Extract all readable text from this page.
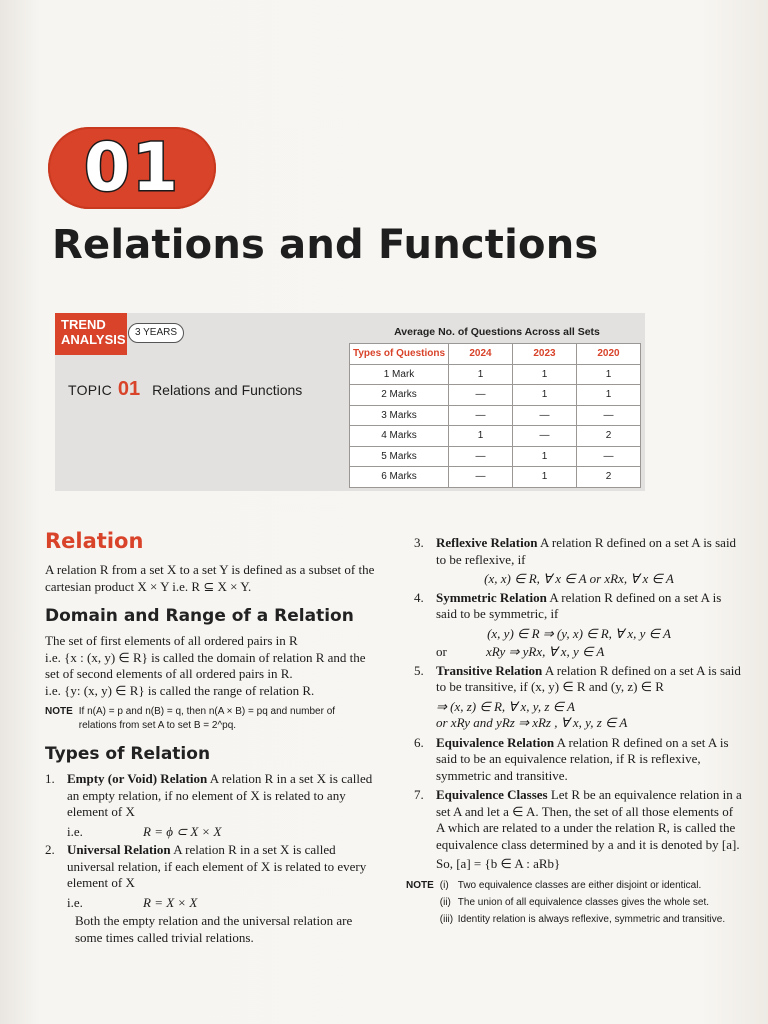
01
Relations and Functions
TREND ANALYSIS 3 YEARS
TOPIC 01 Relations and Functions
Average No. of Questions Across all Sets
Types of Questions	2024	2023	2020
1 Mark	1	1	1
2 Marks	—	1	1
3 Marks	—	—	—
4 Marks	1	—	2
5 Marks	—	1	—
6 Marks	—	1	2
Relation

A relation R from a set X to a set Y is defined as a subset of the cartesian product X × Y i.e. R ⊆ X × Y.

Domain and Range of a Relation

The set of first elements of all ordered pairs in R

i.e. {x : (x, y) ∈ R} is called the domain of relation R and the set of second elements of all ordered pairs in R.

i.e. {y: (x, y) ∈ R} is called the range of relation R.

NOTE If n(A) = p and n(B) = q, then n(A × B) = pq and number of relations from set A to set B = 2^pq.
Types of Relation
1. Empty (or Void) Relation A relation R in a set X is called an empty relation, if no element of X is related to any element of X
i.e.	R = ϕ ⊂ X × X
2. Universal Relation A relation R in a set X is called universal relation, if each element of X is related to every element of X
i.e.	R = X × X

Both the empty relation and the universal relation are some times called trivial relations.

3. Reflexive Relation A relation R defined on a set A is said to be reflexive, if
(x, x) ∈ R, ∀ x ∈ A or xRx, ∀ x ∈ A
4. Symmetric Relation A relation R defined on a set A is said to be symmetric, if
(x, y) ∈ R ⇒ (y, x) ∈ R, ∀ x, y ∈ A
or	xRy ⇒ yRx, ∀ x, y ∈ A
5. Transitive Relation A relation R defined on a set A is said to be transitive, if (x, y) ∈ R and (y, z) ∈ R
⇒ (x, z) ∈ R, ∀ x, y, z ∈ A
or xRy and yRz ⇒ xRz , ∀ x, y, z ∈ A
6. Equivalence Relation A relation R defined on a set A is said to be an equivalence relation, if R is reflexive, symmetric and transitive.
7. Equivalence Classes Let R be an equivalence relation in a set A and let a ∈ A. Then, the set of all those elements of A which are related to a under the relation R, is called the equivalence class determined by a and it is denoted by [a].
So, [a] = {b ∈ A : aRb}
NOTE (i) Two equivalence classes are either disjoint or identical.
(ii) The union of all equivalence classes gives the whole set.
(iii) Identity relation is always reflexive, symmetric and transitive.
